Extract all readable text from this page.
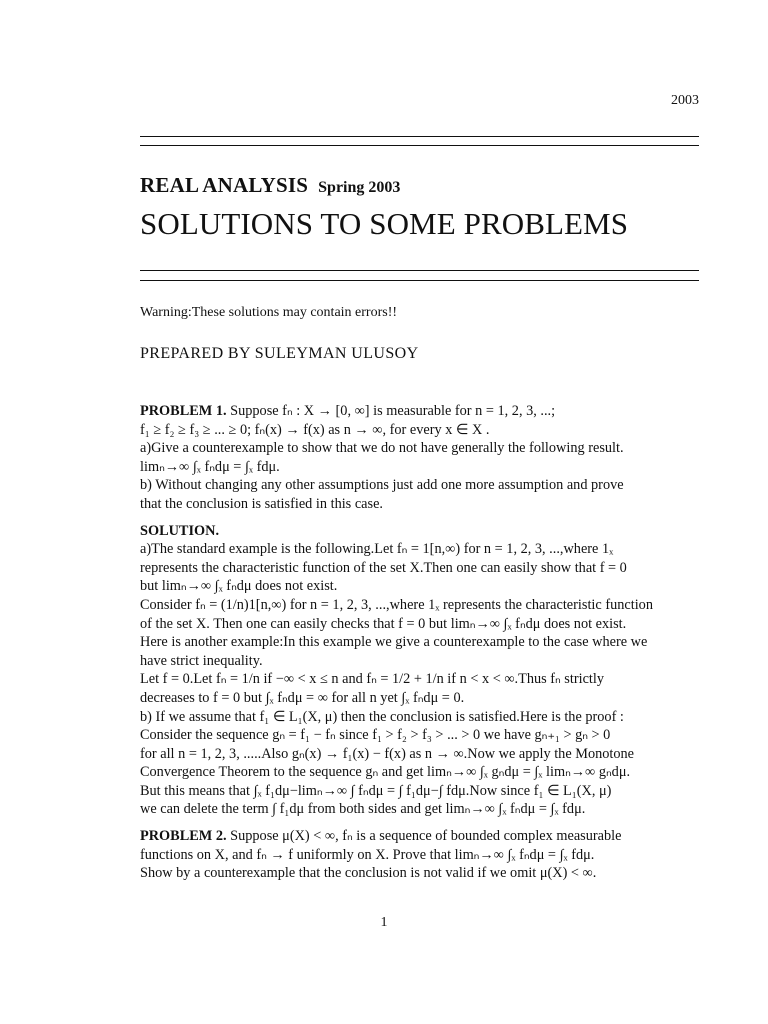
2003
REAL ANALYSIS Spring 2003
SOLUTIONS TO SOME PROBLEMS
Warning:These solutions may contain errors!!
PREPARED BY SULEYMAN ULUSOY
PROBLEM 1. Suppose fₙ : X → [0, ∞] is measurable for n = 1, 2, 3, ...;
f₁ ≥ f₂ ≥ f₃ ≥ ... ≥ 0; fₙ(x) → f(x) as n → ∞, for every x ∈ X .
a)Give a counterexample to show that we do not have generally the following result.
limₙ→∞ ∫ₓ fₙdμ = ∫ₓ fdμ.
b) Without changing any other assumptions just add one more assumption and prove
that the conclusion is satisfied in this case.
SOLUTION.
a)The standard example is the following.Let fₙ = 1[n,∞) for n = 1, 2, 3, ...,where 1ₓ
represents the characteristic function of the set X.Then one can easily show that f = 0
but limₙ→∞ ∫ₓ fₙdμ does not exist.
Consider fₙ = (1/n)1[n,∞) for n = 1, 2, 3, ...,where 1ₓ represents the characteristic function
of the set X. Then one can easily checks that f = 0 but limₙ→∞ ∫ₓ fₙdμ does not exist.
Here is another example:In this example we give a counterexample to the case where we
have strict inequality.
Let f = 0.Let fₙ = 1/n if −∞ < x ≤ n and fₙ = 1/2 + 1/n if n < x < ∞.Thus fₙ strictly
decreases to f = 0 but ∫ₓ fₙdμ = ∞ for all n yet ∫ₓ fₙdμ = 0.
b) If we assume that f₁ ∈ L₁(X, μ) then the conclusion is satisfied.Here is the proof :
Consider the sequence gₙ = f₁ − fₙ since f₁ > f₂ > f₃ > ... > 0 we have gₙ₊₁ > gₙ > 0
for all n = 1, 2, 3, .....Also gₙ(x) → f₁(x) − f(x) as n → ∞.Now we apply the Monotone
Convergence Theorem to the sequence gₙ and get limₙ→∞ ∫ₓ gₙdμ = ∫ₓ limₙ→∞ gₙdμ.
But this means that ∫ₓ f₁dμ−limₙ→∞ ∫ fₙdμ = ∫ f₁dμ−∫ fdμ.Now since f₁ ∈ L₁(X, μ)
we can delete the term ∫ f₁dμ from both sides and get limₙ→∞ ∫ₓ fₙdμ = ∫ₓ fdμ.
PROBLEM 2. Suppose μ(X) < ∞, fₙ is a sequence of bounded complex measurable
functions on X, and fₙ → f uniformly on X. Prove that limₙ→∞ ∫ₓ fₙdμ = ∫ₓ fdμ.
Show by a counterexample that the conclusion is not valid if we omit μ(X) < ∞.
1
